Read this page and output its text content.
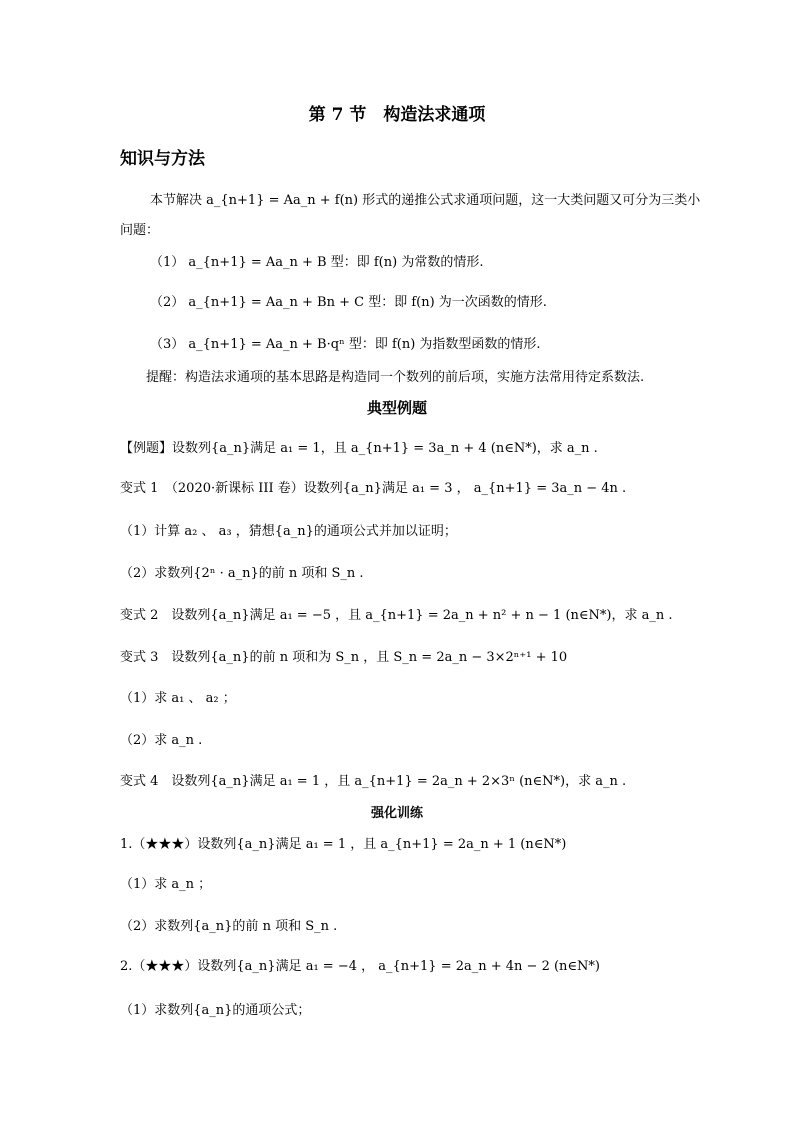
第 7 节　构造法求通项
知识与方法
本节解决 a_{n+1} = Aa_n + f(n) 形式的递推公式求通项问题，这一大类问题又可分为三类小
问题：
（1） a_{n+1} = Aa_n + B 型：即 f(n) 为常数的情形.
（2） a_{n+1} = Aa_n + Bn + C 型：即 f(n) 为一次函数的情形.
（3） a_{n+1} = Aa_n + B·qⁿ 型：即 f(n) 为指数型函数的情形.
提醒：构造法求通项的基本思路是构造同一个数列的前后项，实施方法常用待定系数法.
典型例题
【例题】设数列{a_n}满足 a₁ = 1，且 a_{n+1} = 3a_n + 4 (n∈N*)，求 a_n .
变式 1　（2020·新课标 III 卷）设数列{a_n}满足 a₁ = 3 ， a_{n+1} = 3a_n − 4n .
（1）计算 a₂ 、 a₃ ，猜想{a_n}的通项公式并加以证明；
（2）求数列{2ⁿ · a_n}的前 n 项和 S_n .
变式 2　设数列{a_n}满足 a₁ = −5 ，且 a_{n+1} = 2a_n + n² + n − 1 (n∈N*)，求 a_n .
变式 3　设数列{a_n}的前 n 项和为 S_n ，且 S_n = 2a_n − 3×2ⁿ⁺¹ + 10
（1）求 a₁ 、 a₂ ；
（2）求 a_n .
变式 4　设数列{a_n}满足 a₁ = 1 ，且 a_{n+1} = 2a_n + 2×3ⁿ (n∈N*)，求 a_n .
强化训练
1.（★★★）设数列{a_n}满足 a₁ = 1 ，且 a_{n+1} = 2a_n + 1 (n∈N*)
（1）求 a_n ；
（2）求数列{a_n}的前 n 项和 S_n .
2.（★★★）设数列{a_n}满足 a₁ = −4 ， a_{n+1} = 2a_n + 4n − 2 (n∈N*)
（1）求数列{a_n}的通项公式；
